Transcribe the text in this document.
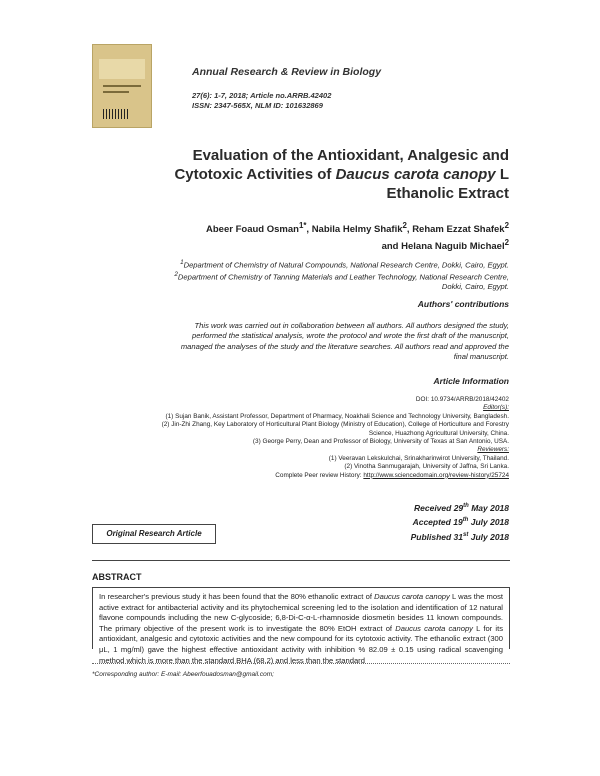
Annual Research & Review in Biology
27(6): 1-7, 2018; Article no.ARRB.42402
ISSN: 2347-565X, NLM ID: 101632869
Evaluation of the Antioxidant, Analgesic and
Cytotoxic Activities of Daucus carota canopy L
Ethanolic Extract
Abeer Foaud Osman$^{1*}$, Nabila Helmy Shafik$^2$, Reham Ezzat Shafek$^2$
and Helana Naguib Michael$^2$
$^1$Department of Chemistry of Natural Compounds, National Research Centre, Dokki, Cairo, Egypt.
$^2$Department of Chemistry of Tanning Materials and Leather Technology, National Research Centre,
Dokki, Cairo, Egypt.
Authors' contributions
This work was carried out in collaboration between all authors. All authors designed the study,
performed the statistical analysis, wrote the protocol and wrote the first draft of the manuscript,
managed the analyses of the study and the literature searches. All authors read and approved the
final manuscript.
Article Information
DOI: 10.9734/ARRB/2018/42402
Editor(s):
(1) Sujan Banik, Assistant Professor, Department of Pharmacy, Noakhali Science and Technology University, Bangladesh.
(2) Jin-Zhi Zhang, Key Laboratory of Horticultural Plant Biology (Ministry of Education), College of Horticulture and Forestry
Science, Huazhong Agricultural University, China.
(3) George Perry, Dean and Professor of Biology, University of Texas at San Antonio, USA.
Reviewers:
(1) Veeravan Lekskulchai, Srinakharinwirot University, Thailand.
(2) Vinotha Sanmugarajah, University of Jaffna, Sri Lanka.
Complete Peer review History: http://www.sciencedomain.org/review-history/25724
Received 29th May 2018
Accepted 19th July 2018
Published 31st July 2018
Original Research Article
ABSTRACT
In researcher's previous study it has been found that the 80% ethanolic extract of Daucus carota canopy L was the most active extract for antibacterial activity and its phytochemical screening led to the isolation and identification of 12 natural flavone compounds including the new C-glycoside; 6,8-Di-C-α-L-rhamnoside diosmetin besides 11 known compounds. The primary objective of the present work is to investigate the 80% EtOH extract of Daucus carota canopy L for its antioxidant, analgesic and cytotoxic activities and the new compound for its cytotoxic activity. The ethanolic extract (300 μL, 1 mg/ml) gave the highest effective antioxidant activity with inhibition % 82.09 ± 0.15 using radical scavenging method which is more than the standard BHA (68.2) and less than the standard
*Corresponding author: E-mail: Abeerfouadosman@gmail.com;
